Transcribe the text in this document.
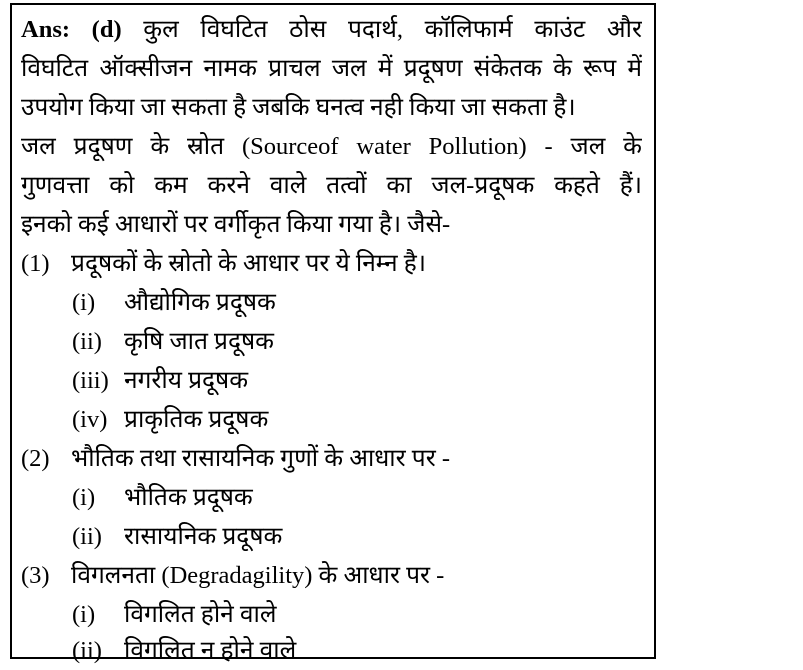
Ans: (d) कुल विघटित ठोस पदार्थ, कॉलिफार्म काउंट और
विघटित ऑक्सीजन नामक प्राचल जल में प्रदूषण संकेतक के रूप में
उपयोग किया जा सकता है जबकि घनत्व नही किया जा सकता है।
जल प्रदूषण के स्रोत (Sourceof water Pollution) - जल के
गुणवत्ता को कम करने वाले तत्वों का जल-प्रदूषक कहते हैं।
इनको कई आधारों पर वर्गीकृत किया गया है। जैसे-
(1) प्रदूषकों के स्रोतो के आधार पर ये निम्न है।
(i) औद्योगिक प्रदूषक
(ii) कृषि जात प्रदूषक
(iii) नगरीय प्रदूषक
(iv) प्राकृतिक प्रदूषक
(2) भौतिक तथा रासायनिक गुणों के आधार पर -
(i) भौतिक प्रदूषक
(ii) रासायनिक प्रदूषक
(3) विगलनता (Degradagility) के आधार पर -
(i) विगलित होने वाले
(ii) विगलित न होने वाले
